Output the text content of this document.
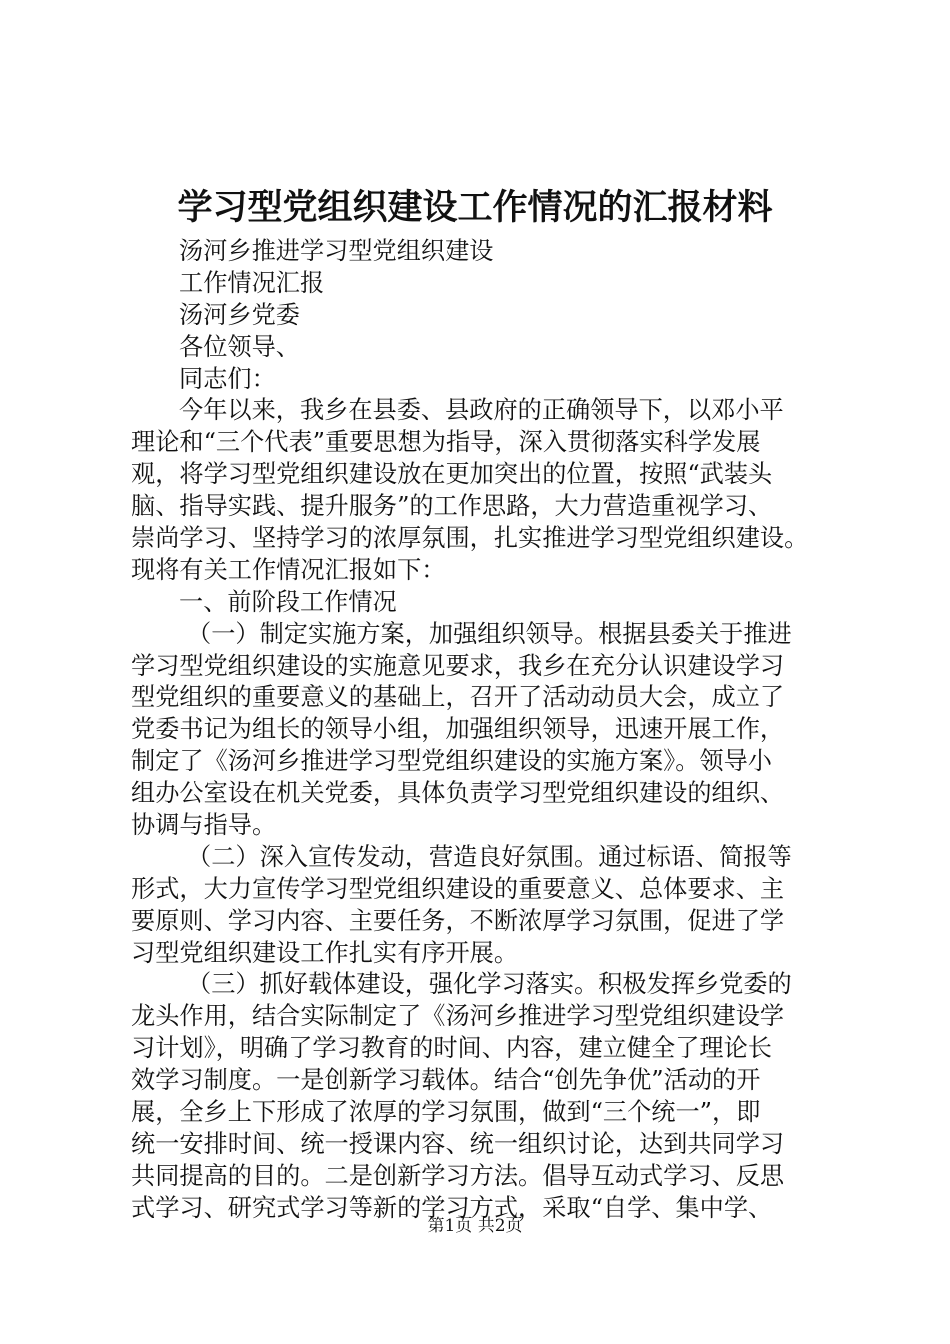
学习型党组织建设工作情况的汇报材料
汤河乡推进学习型党组织建设
工作情况汇报
汤河乡党委
各位领导、
同志们：
今年以来，我乡在县委、县政府的正确领导下，以邓小平
理论和“三个代表”重要思想为指导，深入贯彻落实科学发展
观，将学习型党组织建设放在更加突出的位置，按照“武装头
脑、指导实践、提升服务”的工作思路，大力营造重视学习、
崇尚学习、坚持学习的浓厚氛围，扎实推进学习型党组织建设。
现将有关工作情况汇报如下：
一、前阶段工作情况
（一）制定实施方案，加强组织领导。根据县委关于推进
学习型党组织建设的实施意见要求，我乡在充分认识建设学习
型党组织的重要意义的基础上，召开了活动动员大会，成立了
党委书记为组长的领导小组，加强组织领导，迅速开展工作，
制定了《汤河乡推进学习型党组织建设的实施方案》。领导小
组办公室设在机关党委，具体负责学习型党组织建设的组织、
协调与指导。
（二）深入宣传发动，营造良好氛围。通过标语、简报等
形式，大力宣传学习型党组织建设的重要意义、总体要求、主
要原则、学习内容、主要任务，不断浓厚学习氛围，促进了学
习型党组织建设工作扎实有序开展。
（三）抓好载体建设，强化学习落实。积极发挥乡党委的
龙头作用，结合实际制定了《汤河乡推进学习型党组织建设学
习计划》，明确了学习教育的时间、内容，建立健全了理论长
效学习制度。一是创新学习载体。结合“创先争优”活动的开
展，全乡上下形成了浓厚的学习氛围，做到“三个统一”，即
统一安排时间、统一授课内容、统一组织讨论，达到共同学习
共同提高的目的。二是创新学习方法。倡导互动式学习、反思
式学习、研究式学习等新的学习方式，采取“自学、集中学、
第1页 共2页
